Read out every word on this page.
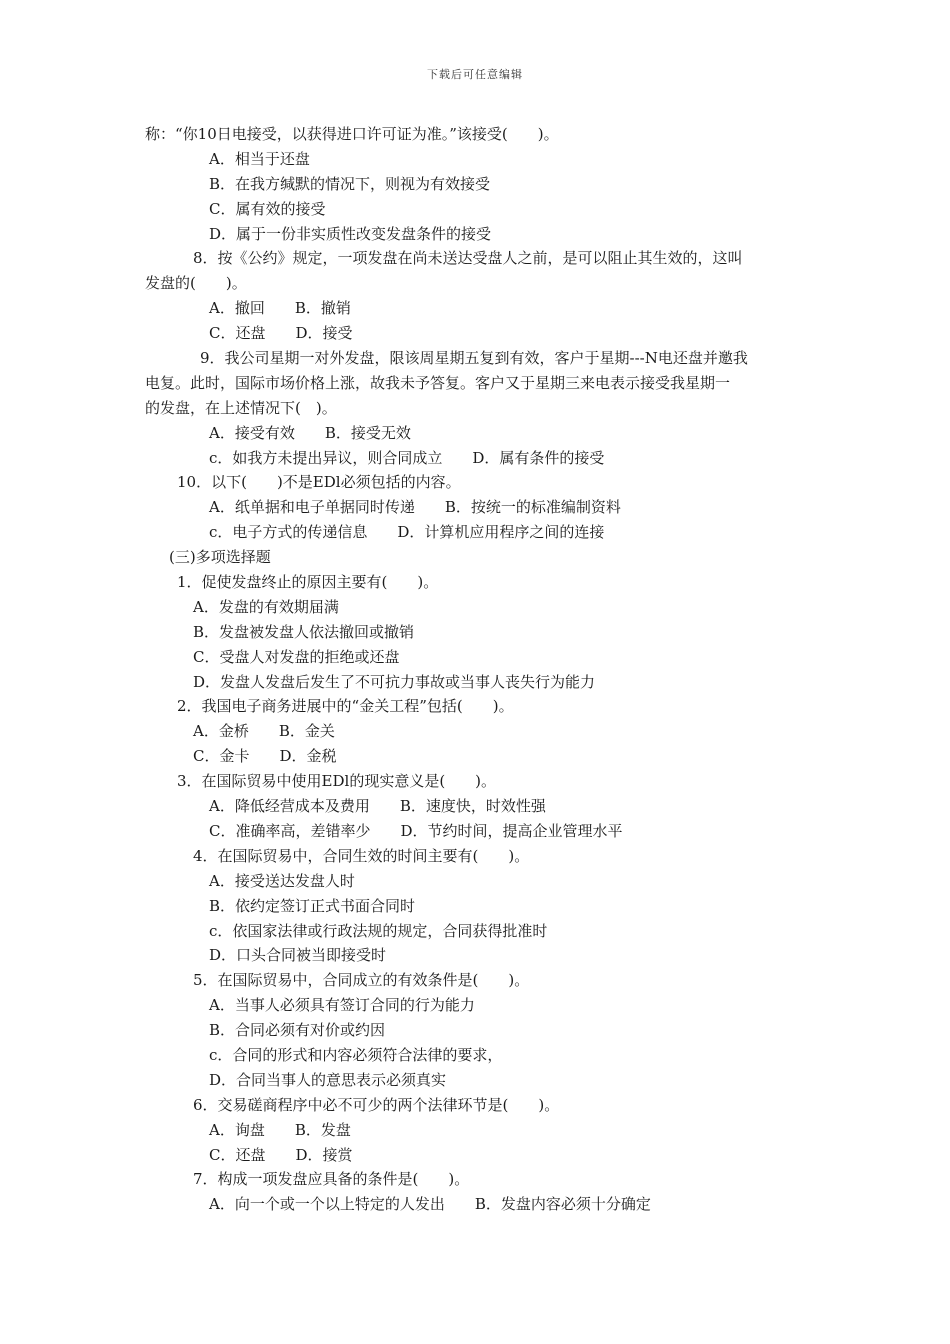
下载后可任意编辑
称：“你10日电接受，以获得进口许可证为准。”该接受(　　)。
A．相当于还盘
B．在我方缄默的情况下，则视为有效接受
C．属有效的接受
D．属于一份非实质性改变发盘条件的接受
8．按《公约》规定，一项发盘在尚未送达受盘人之前，是可以阻止其生效的，这叫
发盘的(　　)。
A．撤回　　B．撤销
C．还盘　　D．接受
　9．我公司星期一对外发盘，限该周星期五复到有效，客户于星期---N电还盘并邀我
电复。此时，国际市场价格上涨，故我未予答复。客户又于星期三来电表示接受我星期一
的发盘，在上述情况下(　)。
A．接受有效　　B．接受无效
c．如我方未提出异议，则合同成立　　D．属有条件的接受
10．以下(　　)不是EDl必须包括的内容。
A．纸单据和电子单据同时传递　　B．按统一的标准编制资料
c．电子方式的传递信息　　D．计算机应用程序之间的连接
(三)多项选择题
1．促使发盘终止的原因主要有(　　)。
A．发盘的有效期届满
B．发盘被发盘人依法撤回或撤销
C．受盘人对发盘的拒绝或还盘
D．发盘人发盘后发生了不可抗力事故或当事人丧失行为能力
2．我国电子商务进展中的“金关工程”包括(　　)。
A．金桥　　B．金关
C．金卡　　D．金税
3．在国际贸易中使用EDl的现实意义是(　　)。
A．降低经营成本及费用　　B．速度快，时效性强
C．准确率高，差错率少　　D．节约时间，提高企业管理水平
4．在国际贸易中，合同生效的时间主要有(　　)。
A．接受送达发盘人时
B．依约定签订正式书面合同时
c．依国家法律或行政法规的规定，合同获得批准时
D．口头合同被当即接受时
5．在国际贸易中，合同成立的有效条件是(　　)。
A．当事人必须具有签订合同的行为能力
B．合同必须有对价或约因
c．合同的形式和内容必须符合法律的要求，
D．合同当事人的意思表示必须真实
6．交易磋商程序中必不可少的两个法律环节是(　　)。
A．询盘　　B．发盘
C．还盘　　D．接赏
7．构成一项发盘应具备的条件是(　　)。
A．向一个或一个以上特定的人发出　　B．发盘内容必须十分确定
